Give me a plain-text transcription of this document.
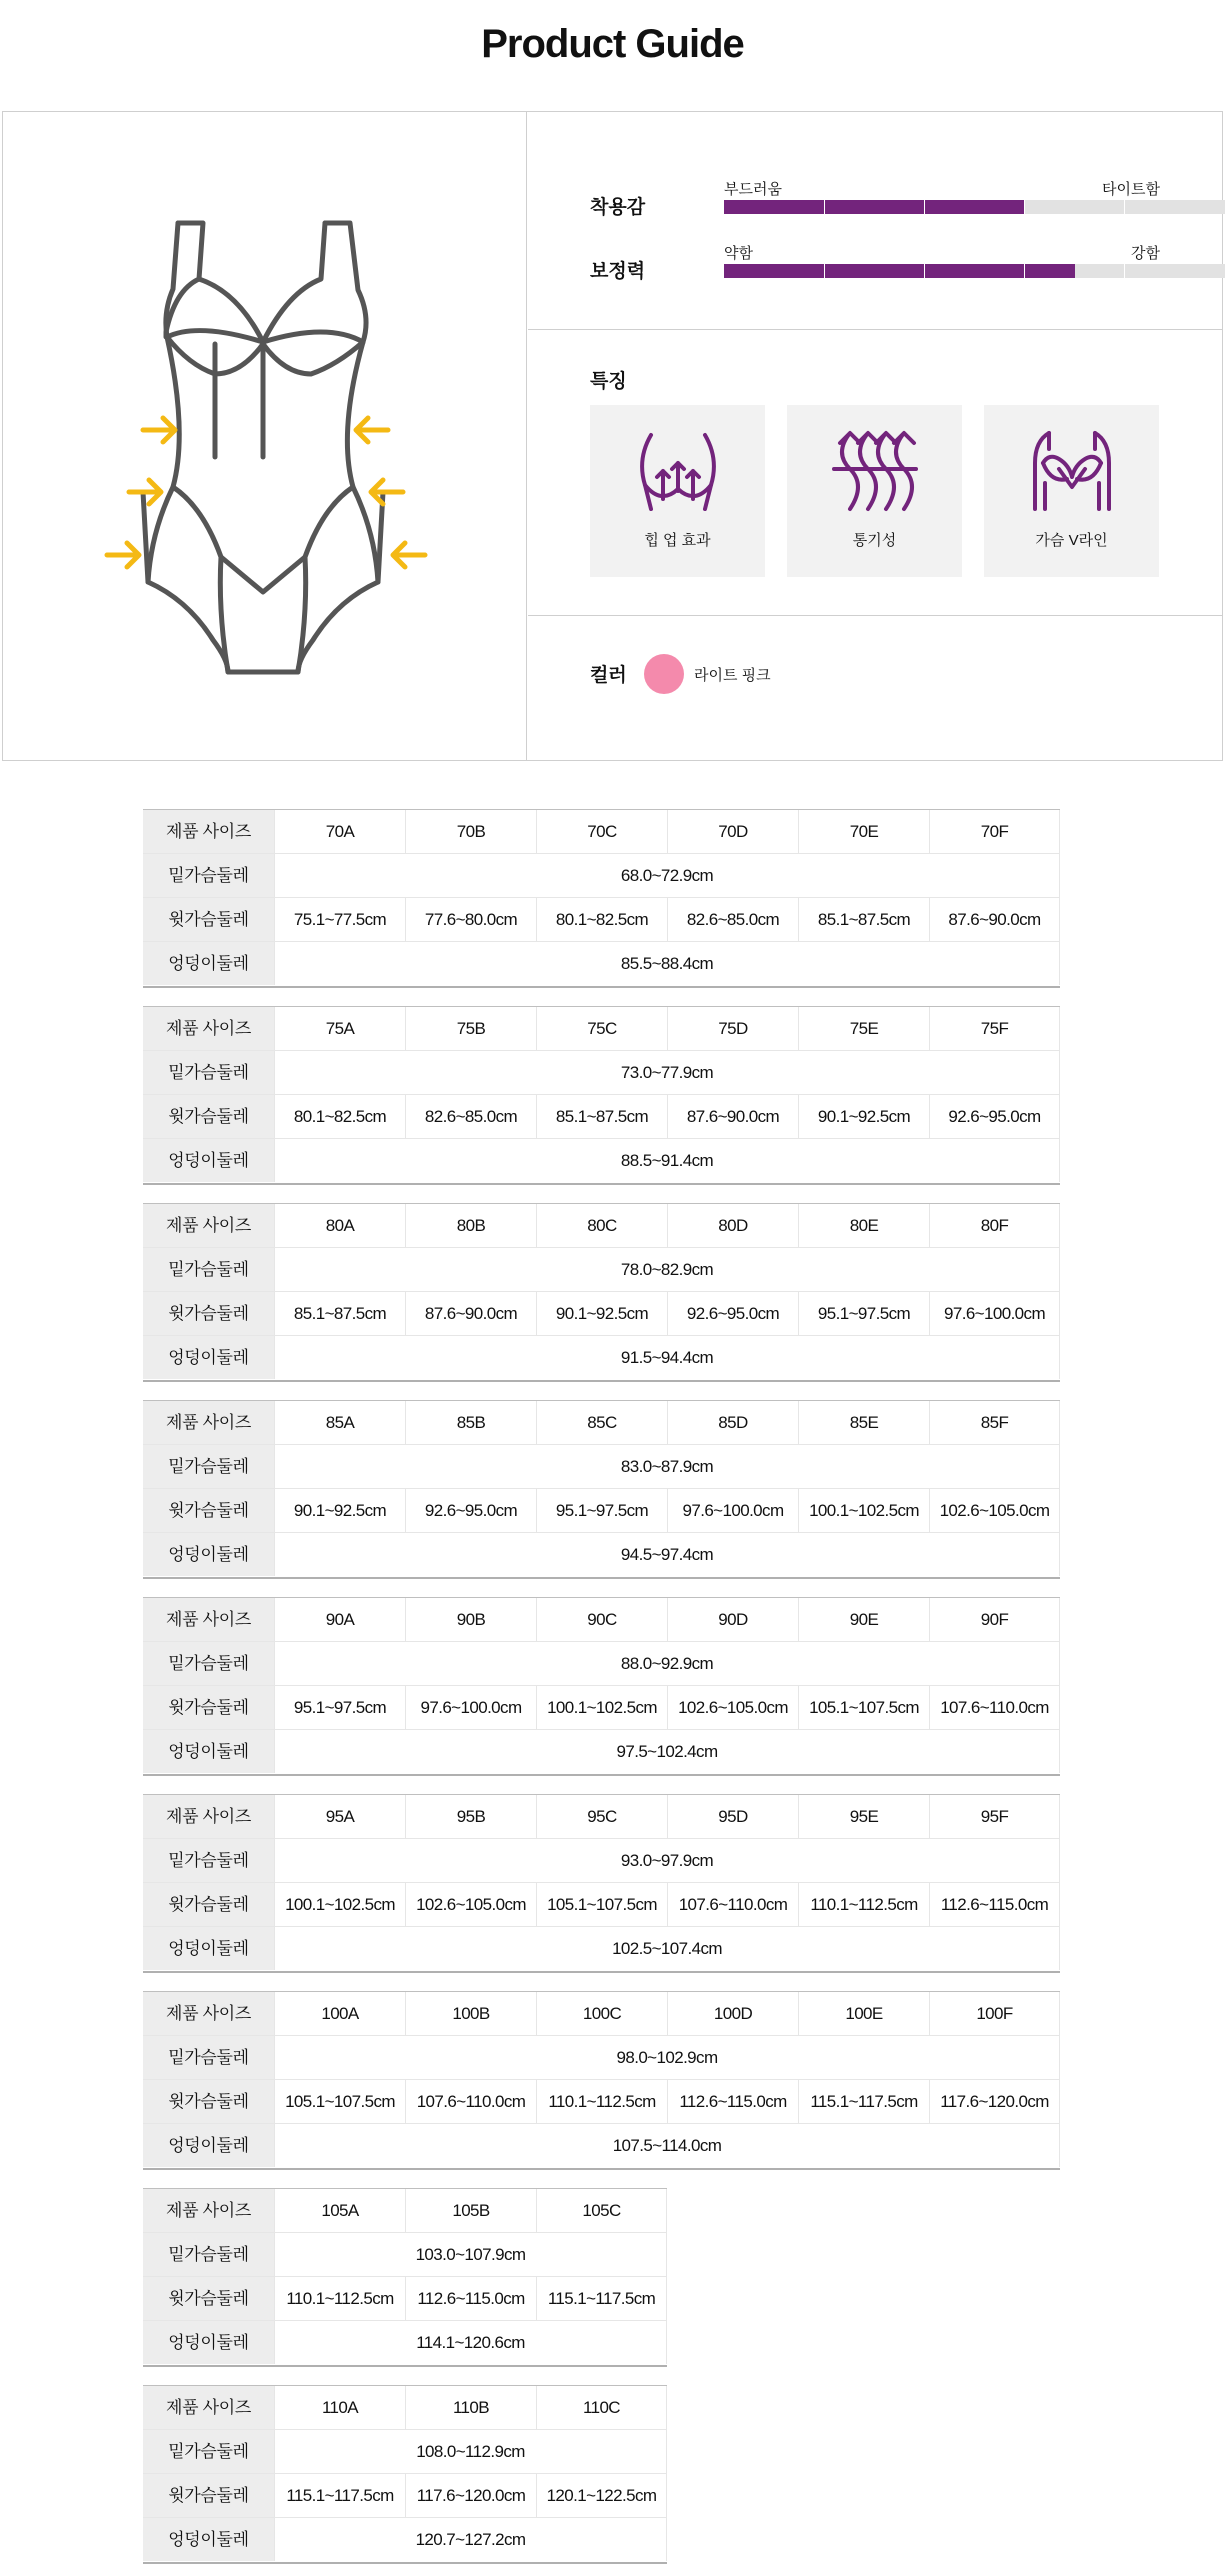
Product Guide
착용감
부드러움	타이트함
보정력
약함	강함
특징
힙 업 효과	통기성	가슴 V라인
컬러	라이트 핑크
제품 사이즈	70A	70B	70C	70D	70E	70F
밑가슴둘레	68.0~72.9cm
윗가슴둘레	75.1~77.5cm	77.6~80.0cm	80.1~82.5cm	82.6~85.0cm	85.1~87.5cm	87.6~90.0cm
엉덩이둘레	85.5~88.4cm
제품 사이즈	75A	75B	75C	75D	75E	75F
밑가슴둘레	73.0~77.9cm
윗가슴둘레	80.1~82.5cm	82.6~85.0cm	85.1~87.5cm	87.6~90.0cm	90.1~92.5cm	92.6~95.0cm
엉덩이둘레	88.5~91.4cm
제품 사이즈	80A	80B	80C	80D	80E	80F
밑가슴둘레	78.0~82.9cm
윗가슴둘레	85.1~87.5cm	87.6~90.0cm	90.1~92.5cm	92.6~95.0cm	95.1~97.5cm	97.6~100.0cm
엉덩이둘레	91.5~94.4cm
제품 사이즈	85A	85B	85C	85D	85E	85F
밑가슴둘레	83.0~87.9cm
윗가슴둘레	90.1~92.5cm	92.6~95.0cm	95.1~97.5cm	97.6~100.0cm	100.1~102.5cm	102.6~105.0cm
엉덩이둘레	94.5~97.4cm
제품 사이즈	90A	90B	90C	90D	90E	90F
밑가슴둘레	88.0~92.9cm
윗가슴둘레	95.1~97.5cm	97.6~100.0cm	100.1~102.5cm	102.6~105.0cm	105.1~107.5cm	107.6~110.0cm
엉덩이둘레	97.5~102.4cm
제품 사이즈	95A	95B	95C	95D	95E	95F
밑가슴둘레	93.0~97.9cm
윗가슴둘레	100.1~102.5cm	102.6~105.0cm	105.1~107.5cm	107.6~110.0cm	110.1~112.5cm	112.6~115.0cm
엉덩이둘레	102.5~107.4cm
제품 사이즈	100A	100B	100C	100D	100E	100F
밑가슴둘레	98.0~102.9cm
윗가슴둘레	105.1~107.5cm	107.6~110.0cm	110.1~112.5cm	112.6~115.0cm	115.1~117.5cm	117.6~120.0cm
엉덩이둘레	107.5~114.0cm
제품 사이즈	105A	105B	105C
밑가슴둘레	103.0~107.9cm
윗가슴둘레	110.1~112.5cm	112.6~115.0cm	115.1~117.5cm
엉덩이둘레	114.1~120.6cm
제품 사이즈	110A	110B	110C
밑가슴둘레	108.0~112.9cm
윗가슴둘레	115.1~117.5cm	117.6~120.0cm	120.1~122.5cm
엉덩이둘레	120.7~127.2cm
